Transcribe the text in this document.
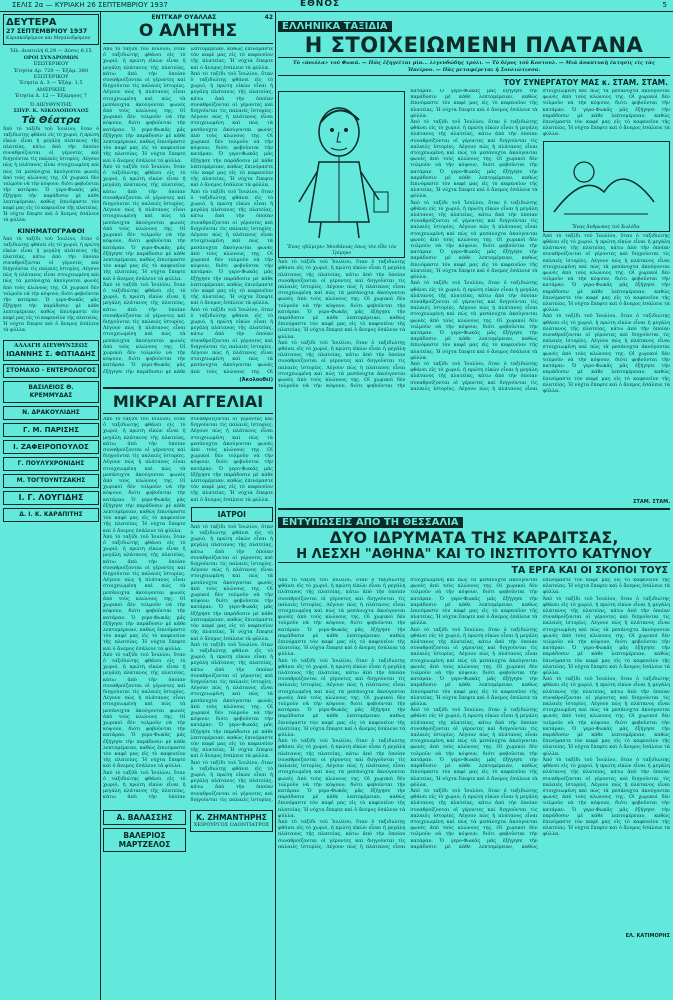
ΣΕΛΙΣ 2α — ΚΥΡΙΑΚΗ 26 ΣΕΠΤΕΜΒΡΙΟΥ 1937	ΕΘΝΟΣ	5
ΔΕΥΤΕΡΑ
27 ΣΕΠΤΕΜΒΡΙΟΥ 1937
Κυριακοδρόμιον και Μεγαλοδρόμιον
Ἡλ. ἀνατολή 6,29 — Δύσις 6,15
ΟΡΟΙ ΣΥΝΔΡΟΜΩΝ
ΕΣΩΤΕΡΙΚΟΥ
Ἐτησία Δρ. 720 — Ἑξάμ. 380
ΕΞΩΤΕΡΙΚΟΥ
Ἐτησία Δ. 3 — Ἑξάμ. 1,5
ΑΜΕΡΙΚΗΣ
Ἐτησία Δ. 12 — Ἑξάμηνος 7
Ὁ ΔΙΕΥΘΥΝΤΗΣ
ΣΠΥΡ. Κ. ΝΙΚΟΛΟΠΟΥΛΟΣ
Τὰ Θέατρα
Ἀπὸ τὸ ταξίδι τοῦ Ἰουλίου, ὅταν ὁ ταξιδιώτης φθάνει εἰς τὸ χωριό, ἡ πρώτη εἰκὼν εἶναι ἡ μεγάλη πλάτανος τῆς πλατείας, κάτω ἀπὸ τὴν ὁποίαν συναθροίζονται οἱ γέροντες καὶ διηγοῦνται τὶς παλαιὲς ἱστορίες. Λέγουν πὼς ἡ πλάτανος εἶναι στοιχειωμένη καὶ πὼς τὰ μεσάνυχτα ἀκούγονται φωνὲς ἀπὸ τοὺς κλώνους της. Οἱ χωρικοὶ δὲν τολμοῦν νὰ τὴν κόψουν, διότι φοβοῦνται τὴν κατάραν. Ὁ γερο‑Φωκᾶς μᾶς ἐξήγησε τὴν παράδοσιν μὲ κάθε λεπτομέρειαν, καθὼς ἐπινόμαστε τὸν καφέ μας εἰς τὸ καφενεῖον τῆς πλατείας. Ἡ νύχτα ἔπεφτε καὶ ὁ ἄνεμος ἐσάλευε τὰ φύλλα.
ΚΙΝΗΜΑΤΟΓΡΑΦΟΙ
Ἀπὸ τὸ ταξίδι τοῦ Ἰουλίου, ὅταν ὁ ταξιδιώτης φθάνει εἰς τὸ χωριό, ἡ πρώτη εἰκὼν εἶναι ἡ μεγάλη πλάτανος τῆς πλατείας, κάτω ἀπὸ τὴν ὁποίαν συναθροίζονται οἱ γέροντες καὶ διηγοῦνται τὶς παλαιὲς ἱστορίες. Λέγουν πὼς ἡ πλάτανος εἶναι στοιχειωμένη καὶ πὼς τὰ μεσάνυχτα ἀκούγονται φωνὲς ἀπὸ τοὺς κλώνους της. Οἱ χωρικοὶ δὲν τολμοῦν νὰ τὴν κόψουν, διότι φοβοῦνται τὴν κατάραν. Ὁ γερο‑Φωκᾶς μᾶς ἐξήγησε τὴν παράδοσιν μὲ κάθε λεπτομέρειαν, καθὼς ἐπινόμαστε τὸν καφέ μας εἰς τὸ καφενεῖον τῆς πλατείας. Ἡ νύχτα ἔπεφτε καὶ ὁ ἄνεμος ἐσάλευε τὰ φύλλα.
ΑΛΛΑΓΗ ΔΙΕΥΘΥΝΣΕΩΣ
ΙΩΑΝΝΗΣ Σ. ΦΩΤΙΑΔΗΣ
ΣΤΟΜΑΧΟ - ΕΝΤΕΡΟΛΟΓΟΣ
ΒΑΣΙΛΕΙΟΣ Θ. ΚΡΕΜΜΥΔΑΣ
Ν. ΔΡΑΚΟΥΛΙΔΗΣ
Γ. Μ. ΠΑΡΙΣΗΣ
Ι. ΖΑΦΕΙΡΟΠΟΥΛΟΣ
Γ. ΠΟΥΛΥΧΡΟΝΙΔΗΣ
Μ. ΤΟΓΤΟΥΝΤΖΑΚΗΣ
Ι. Γ. ΛΟΥΓΙΔΗΣ
Δ. Ι. Κ. ΚΑΡΑΠΙΤΗΣ
ΕΝΤΓΚΑΡ ΟΥΑΛΛΑΣ	42
Ο ΑΛΗΤΗΣ

Ἀπὸ τὸ ταξίδι τοῦ Ἰουλίου, ὅταν ὁ ταξιδιώτης φθάνει εἰς τὸ χωριό, ἡ πρώτη εἰκὼν εἶναι ἡ μεγάλη πλάτανος τῆς πλατείας, κάτω ἀπὸ τὴν ὁποίαν συναθροίζονται οἱ γέροντες καὶ διηγοῦνται τὶς παλαιὲς ἱστορίες. Λέγουν πὼς ἡ πλάτανος εἶναι στοιχειωμένη καὶ πὼς τὰ μεσάνυχτα ἀκούγονται φωνὲς ἀπὸ τοὺς κλώνους της. Οἱ χωρικοὶ δὲν τολμοῦν νὰ τὴν κόψουν, διότι φοβοῦνται τὴν κατάραν. Ὁ γερο‑Φωκᾶς μᾶς ἐξήγησε τὴν παράδοσιν μὲ κάθε λεπτομέρειαν, καθὼς ἐπινόμαστε τὸν καφέ μας εἰς τὸ καφενεῖον τῆς πλατείας. Ἡ νύχτα ἔπεφτε καὶ ὁ ἄνεμος ἐσάλευε τὰ φύλλα.

Ἀπὸ τὸ ταξίδι τοῦ Ἰουλίου, ὅταν ὁ ταξιδιώτης φθάνει εἰς τὸ χωριό, ἡ πρώτη εἰκὼν εἶναι ἡ μεγάλη πλάτανος τῆς πλατείας, κάτω ἀπὸ τὴν ὁποίαν συναθροίζονται οἱ γέροντες καὶ διηγοῦνται τὶς παλαιὲς ἱστορίες. Λέγουν πὼς ἡ πλάτανος εἶναι στοιχειωμένη καὶ πὼς τὰ μεσάνυχτα ἀκούγονται φωνὲς ἀπὸ τοὺς κλώνους της. Οἱ χωρικοὶ δὲν τολμοῦν νὰ τὴν κόψουν, διότι φοβοῦνται τὴν κατάραν. Ὁ γερο‑Φωκᾶς μᾶς ἐξήγησε τὴν παράδοσιν μὲ κάθε λεπτομέρειαν, καθὼς ἐπινόμαστε τὸν καφέ μας εἰς τὸ καφενεῖον τῆς πλατείας. Ἡ νύχτα ἔπεφτε καὶ ὁ ἄνεμος ἐσάλευε τὰ φύλλα.

Ἀπὸ τὸ ταξίδι τοῦ Ἰουλίου, ὅταν ὁ ταξιδιώτης φθάνει εἰς τὸ χωριό, ἡ πρώτη εἰκὼν εἶναι ἡ μεγάλη πλάτανος τῆς πλατείας, κάτω ἀπὸ τὴν ὁποίαν συναθροίζονται οἱ γέροντες καὶ διηγοῦνται τὶς παλαιὲς ἱστορίες. Λέγουν πὼς ἡ πλάτανος εἶναι στοιχειωμένη καὶ πὼς τὰ μεσάνυχτα ἀκούγονται φωνὲς ἀπὸ τοὺς κλώνους της. Οἱ χωρικοὶ δὲν τολμοῦν νὰ τὴν κόψουν, διότι φοβοῦνται τὴν κατάραν. Ὁ γερο‑Φωκᾶς μᾶς ἐξήγησε τὴν παράδοσιν μὲ κάθε λεπτομέρειαν, καθὼς ἐπινόμαστε τὸν καφέ μας εἰς τὸ καφενεῖον τῆς πλατείας. Ἡ νύχτα ἔπεφτε καὶ ὁ ἄνεμος ἐσάλευε τὰ φύλλα.

Ἀπὸ τὸ ταξίδι τοῦ Ἰουλίου, ὅταν ὁ ταξιδιώτης φθάνει εἰς τὸ χωριό, ἡ πρώτη εἰκὼν εἶναι ἡ μεγάλη πλάτανος τῆς πλατείας, κάτω ἀπὸ τὴν ὁποίαν συναθροίζονται οἱ γέροντες καὶ διηγοῦνται τὶς παλαιὲς ἱστορίες. Λέγουν πὼς ἡ πλάτανος εἶναι στοιχειωμένη καὶ πὼς τὰ μεσάνυχτα ἀκούγονται φωνὲς ἀπὸ τοὺς κλώνους της. Οἱ χωρικοὶ δὲν τολμοῦν νὰ τὴν κόψουν, διότι φοβοῦνται τὴν κατάραν. Ὁ γερο‑Φωκᾶς μᾶς ἐξήγησε τὴν παράδοσιν μὲ κάθε λεπτομέρειαν, καθὼς ἐπινόμαστε τὸν καφέ μας εἰς τὸ καφενεῖον τῆς πλατείας. Ἡ νύχτα ἔπεφτε καὶ ὁ ἄνεμος ἐσάλευε τὰ φύλλα.

Ἀπὸ τὸ ταξίδι τοῦ Ἰουλίου, ὅταν ὁ ταξιδιώτης φθάνει εἰς τὸ χωριό, ἡ πρώτη εἰκὼν εἶναι ἡ μεγάλη πλάτανος τῆς πλατείας, κάτω ἀπὸ τὴν ὁποίαν συναθροίζονται οἱ γέροντες καὶ διηγοῦνται τὶς παλαιὲς ἱστορίες. Λέγουν πὼς ἡ πλάτανος εἶναι στοιχειωμένη καὶ πὼς τὰ μεσάνυχτα ἀκούγονται φωνὲς ἀπὸ τοὺς κλώνους της. Οἱ χωρικοὶ δὲν τολμοῦν νὰ τὴν κόψουν, διότι φοβοῦνται τὴν κατάραν. Ὁ γερο‑Φωκᾶς μᾶς ἐξήγησε τὴν παράδοσιν μὲ κάθε λεπτομέρειαν, καθὼς ἐπινόμαστε τὸν καφέ μας εἰς τὸ καφενεῖον τῆς πλατείας. Ἡ νύχτα ἔπεφτε καὶ ὁ ἄνεμος ἐσάλευε τὰ φύλλα.

Ἀπὸ τὸ ταξίδι τοῦ Ἰουλίου, ὅταν ὁ ταξιδιώτης φθάνει εἰς τὸ χωριό, ἡ πρώτη εἰκὼν εἶναι ἡ μεγάλη πλάτανος τῆς πλατείας, κάτω ἀπὸ τὴν ὁποίαν συναθροίζονται οἱ γέροντες καὶ διηγοῦνται τὶς παλαιὲς ἱστορίες. Λέγουν πὼς ἡ πλάτανος εἶναι στοιχειωμένη καὶ πὼς τὰ μεσάνυχτα ἀκούγονται φωνὲς ἀπὸ τοὺς κλώνους της. Οἱ

(Ἀκολουθεῖ)
ΜΙΚΡΑΙ ΑΓΓΕΛΙΑΙ

Ἀπὸ τὸ ταξίδι τοῦ Ἰουλίου, ὅταν ὁ ταξιδιώτης φθάνει εἰς τὸ χωριό, ἡ πρώτη εἰκὼν εἶναι ἡ μεγάλη πλάτανος τῆς πλατείας, κάτω ἀπὸ τὴν ὁποίαν συναθροίζονται οἱ γέροντες καὶ διηγοῦνται τὶς παλαιὲς ἱστορίες. Λέγουν πὼς ἡ πλάτανος εἶναι στοιχειωμένη καὶ πὼς τὰ μεσάνυχτα ἀκούγονται φωνὲς ἀπὸ τοὺς κλώνους της. Οἱ χωρικοὶ δὲν τολμοῦν νὰ τὴν κόψουν, διότι φοβοῦνται τὴν κατάραν. Ὁ γερο‑Φωκᾶς μᾶς ἐξήγησε τὴν παράδοσιν μὲ κάθε λεπτομέρειαν, καθὼς ἐπινόμαστε τὸν καφέ μας εἰς τὸ καφενεῖον τῆς πλατείας. Ἡ νύχτα ἔπεφτε καὶ ὁ ἄνεμος ἐσάλευε τὰ φύλλα.

Ἀπὸ τὸ ταξίδι τοῦ Ἰουλίου, ὅταν ὁ ταξιδιώτης φθάνει εἰς τὸ χωριό, ἡ πρώτη εἰκὼν εἶναι ἡ μεγάλη πλάτανος τῆς πλατείας, κάτω ἀπὸ τὴν ὁποίαν συναθροίζονται οἱ γέροντες καὶ διηγοῦνται τὶς παλαιὲς ἱστορίες. Λέγουν πὼς ἡ πλάτανος εἶναι στοιχειωμένη καὶ πὼς τὰ μεσάνυχτα ἀκούγονται φωνὲς ἀπὸ τοὺς κλώνους της. Οἱ χωρικοὶ δὲν τολμοῦν νὰ τὴν κόψουν, διότι φοβοῦνται τὴν κατάραν. Ὁ γερο‑Φωκᾶς μᾶς ἐξήγησε τὴν παράδοσιν μὲ κάθε λεπτομέρειαν, καθὼς ἐπινόμαστε τὸν καφέ μας εἰς τὸ καφενεῖον τῆς πλατείας. Ἡ νύχτα ἔπεφτε καὶ ὁ ἄνεμος ἐσάλευε τὰ φύλλα.

Ἀπὸ τὸ ταξίδι τοῦ Ἰουλίου, ὅταν ὁ ταξιδιώτης φθάνει εἰς τὸ χωριό, ἡ πρώτη εἰκὼν εἶναι ἡ μεγάλη πλάτανος τῆς πλατείας, κάτω ἀπὸ τὴν ὁποίαν συναθροίζονται οἱ γέροντες καὶ διηγοῦνται τὶς παλαιὲς ἱστορίες. Λέγουν πὼς ἡ πλάτανος εἶναι στοιχειωμένη καὶ πὼς τὰ μεσάνυχτα ἀκούγονται φωνὲς ἀπὸ τοὺς κλώνους της. Οἱ χωρικοὶ δὲν τολμοῦν νὰ τὴν κόψουν, διότι φοβοῦνται τὴν κατάραν. Ὁ γερο‑Φωκᾶς μᾶς ἐξήγησε τὴν παράδοσιν μὲ κάθε λεπτομέρειαν, καθὼς ἐπινόμαστε τὸν καφέ μας εἰς τὸ καφενεῖον τῆς πλατείας. Ἡ νύχτα ἔπεφτε καὶ ὁ ἄνεμος ἐσάλευε τὰ φύλλα.

Ἀπὸ τὸ ταξίδι τοῦ Ἰουλίου, ὅταν ὁ ταξιδιώτης φθάνει εἰς τὸ χωριό, ἡ πρώτη εἰκὼν εἶναι ἡ μεγάλη πλάτανος τῆς πλατείας, κάτω ἀπὸ τὴν ὁποίαν συναθροίζονται οἱ γέροντες καὶ διηγοῦνται τὶς παλαιὲς ἱστορίες. Λέγουν πὼς ἡ πλάτανος εἶναι στοιχειωμένη καὶ πὼς τὰ μεσάνυχτα ἀκούγονται φωνὲς ἀπὸ τοὺς κλώνους της. Οἱ χωρικοὶ δὲν τολμοῦν νὰ τὴν κόψουν, διότι φοβοῦνται τὴν κατάραν. Ὁ γερο‑Φωκᾶς μᾶς ἐξήγησε τὴν παράδοσιν μὲ κάθε λεπτομέρειαν, καθὼς ἐπινόμαστε τὸν καφέ μας εἰς τὸ καφενεῖον τῆς πλατείας. Ἡ νύχτα ἔπεφτε καὶ ὁ ἄνεμος ἐσάλευε τὰ φύλλα.

ΙΑΤΡΟΙ

Ἀπὸ τὸ ταξίδι τοῦ Ἰουλίου, ὅταν ὁ ταξιδιώτης φθάνει εἰς τὸ χωριό, ἡ πρώτη εἰκὼν εἶναι ἡ μεγάλη πλάτανος τῆς πλατείας, κάτω ἀπὸ τὴν ὁποίαν συναθροίζονται οἱ γέροντες καὶ διηγοῦνται τὶς παλαιὲς ἱστορίες. Λέγουν πὼς ἡ πλάτανος εἶναι στοιχειωμένη καὶ πὼς τὰ μεσάνυχτα ἀκούγονται φωνὲς ἀπὸ τοὺς κλώνους της. Οἱ χωρικοὶ δὲν τολμοῦν νὰ τὴν κόψουν, διότι φοβοῦνται τὴν κατάραν. Ὁ γερο‑Φωκᾶς μᾶς ἐξήγησε τὴν παράδοσιν μὲ κάθε λεπτομέρειαν, καθὼς ἐπινόμαστε τὸν καφέ μας εἰς τὸ καφενεῖον τῆς πλατείας. Ἡ νύχτα ἔπεφτε καὶ ὁ ἄνεμος ἐσάλευε τὰ φύλλα.

Ἀπὸ τὸ ταξίδι τοῦ Ἰουλίου, ὅταν ὁ ταξιδιώτης φθάνει εἰς τὸ χωριό, ἡ πρώτη εἰκὼν εἶναι ἡ μεγάλη πλάτανος τῆς πλατείας, κάτω ἀπὸ τὴν ὁποίαν συναθροίζονται οἱ γέροντες καὶ διηγοῦνται τὶς παλαιὲς ἱστορίες. Λέγουν πὼς ἡ πλάτανος εἶναι στοιχειωμένη καὶ πὼς τὰ μεσάνυχτα ἀκούγονται φωνὲς ἀπὸ τοὺς κλώνους της. Οἱ χωρικοὶ δὲν τολμοῦν νὰ τὴν κόψουν, διότι φοβοῦνται τὴν κατάραν. Ὁ γερο‑Φωκᾶς μᾶς ἐξήγησε τὴν παράδοσιν μὲ κάθε λεπτομέρειαν, καθὼς ἐπινόμαστε τὸν καφέ μας εἰς τὸ καφενεῖον τῆς πλατείας. Ἡ νύχτα ἔπεφτε καὶ ὁ ἄνεμος ἐσάλευε τὰ φύλλα.

Ἀπὸ τὸ ταξίδι τοῦ Ἰουλίου, ὅταν ὁ ταξιδιώτης φθάνει εἰς τὸ χωριό, ἡ πρώτη εἰκὼν εἶναι ἡ μεγάλη πλάτανος τῆς πλατείας, κάτω ἀπὸ τὴν ὁποίαν συναθροίζονται οἱ γέροντες καὶ διηγοῦνται τὶς παλαιὲς ἱστορίες.

Α. ΒΑΛΑΣΣΗΣ
ΒΑΛΕΡΙΟΣ
ΜΑΡΤΖΕΛΟΣ
Κ. ΖΗΜΑΝΤΗΡΗΣ
ΧΕΙΡΟΥΡΓΟΣ ΟΔΟΝΤΙΑΤΡΟΣ
ΕΛΛΗΝΙΚΑ ΤΑΞΙΔΙΑ
Η ΣΤΟΙΧΕΙΩΜΕΝΗ ΠΛΑΤΑΝΑ
Τὸ «ποιόλα» τοῦ Φωκά. — Πῶς ἐξηγεῖται μία... λεγενδώδης τρόλι. — Τὸ δέρος τοῦ Κοντουλ. — Μιὰ ἀναπτυκὴ ἐκτησίς εἰς τὰς Ἠπείρου. — Πᾶς μεταφέρεται ἡ Σουλιώτισσα.
ΤΟΥ ΣΥΝΕΡΓΑΤΟΥ ΜΑΣ κ. ΣΤΑΜ. ΣΤΑΜ.
Ἕνας «βίλμιγκ» Μουδάνιας ὁπως τὸν εἶδε τὸν Τρίμηνο

Ἀπὸ τὸ ταξίδι τοῦ Ἰουλίου, ὅταν ὁ ταξιδιώτης φθάνει εἰς τὸ χωριό, ἡ πρώτη εἰκὼν εἶναι ἡ μεγάλη πλάτανος τῆς πλατείας, κάτω ἀπὸ τὴν ὁποίαν συναθροίζονται οἱ γέροντες καὶ διηγοῦνται τὶς παλαιὲς ἱστορίες. Λέγουν πὼς ἡ πλάτανος εἶναι στοιχειωμένη καὶ πὼς τὰ μεσάνυχτα ἀκούγονται φωνὲς ἀπὸ τοὺς κλώνους της. Οἱ χωρικοὶ δὲν τολμοῦν νὰ τὴν κόψουν, διότι φοβοῦνται τὴν κατάραν. Ὁ γερο‑Φωκᾶς μᾶς ἐξήγησε τὴν παράδοσιν μὲ κάθε λεπτομέρειαν, καθὼς ἐπινόμαστε τὸν καφέ μας εἰς τὸ καφενεῖον τῆς πλατείας. Ἡ νύχτα ἔπεφτε καὶ ὁ ἄνεμος ἐσάλευε τὰ φύλλα.

Ἀπὸ τὸ ταξίδι τοῦ Ἰουλίου, ὅταν ὁ ταξιδιώτης φθάνει εἰς τὸ χωριό, ἡ πρώτη εἰκὼν εἶναι ἡ μεγάλη πλάτανος τῆς πλατείας, κάτω ἀπὸ τὴν ὁποίαν συναθροίζονται οἱ γέροντες καὶ διηγοῦνται τὶς παλαιὲς ἱστορίες. Λέγουν πὼς ἡ πλάτανος εἶναι στοιχειωμένη καὶ πὼς τὰ μεσάνυχτα ἀκούγονται φωνὲς ἀπὸ τοὺς κλώνους της. Οἱ χωρικοὶ δὲν τολμοῦν νὰ τὴν κόψουν, διότι φοβοῦνται τὴν κατάραν. Ὁ γερο‑Φωκᾶς μᾶς ἐξήγησε τὴν παράδοσιν μὲ κάθε λεπτομέρειαν, καθὼς ἐπινόμαστε τὸν καφέ μας εἰς τὸ καφενεῖον τῆς πλατείας. Ἡ νύχτα ἔπεφτε καὶ ὁ ἄνεμος ἐσάλευε τὰ φύλλα.

Ἀπὸ τὸ ταξίδι τοῦ Ἰουλίου, ὅταν ὁ ταξιδιώτης φθάνει εἰς τὸ χωριό, ἡ πρώτη εἰκὼν εἶναι ἡ μεγάλη πλάτανος τῆς πλατείας, κάτω ἀπὸ τὴν ὁποίαν συναθροίζονται οἱ γέροντες καὶ διηγοῦνται τὶς παλαιὲς ἱστορίες. Λέγουν πὼς ἡ πλάτανος εἶναι στοιχειωμένη καὶ πὼς τὰ μεσάνυχτα ἀκούγονται φωνὲς ἀπὸ τοὺς κλώνους της. Οἱ χωρικοὶ δὲν τολμοῦν νὰ τὴν κόψουν, διότι φοβοῦνται τὴν κατάραν. Ὁ γερο‑Φωκᾶς μᾶς ἐξήγησε τὴν παράδοσιν μὲ κάθε λεπτομέρειαν, καθὼς ἐπινόμαστε τὸν καφέ μας εἰς τὸ καφενεῖον τῆς πλατείας. Ἡ νύχτα ἔπεφτε καὶ ὁ ἄνεμος ἐσάλευε τὰ φύλλα.

Ἀπὸ τὸ ταξίδι τοῦ Ἰουλίου, ὅταν ὁ ταξιδιώτης φθάνει εἰς τὸ χωριό, ἡ πρώτη εἰκὼν εἶναι ἡ μεγάλη πλάτανος τῆς πλατείας, κάτω ἀπὸ τὴν ὁποίαν συναθροίζονται οἱ γέροντες καὶ διηγοῦνται τὶς παλαιὲς ἱστορίες. Λέγουν πὼς ἡ πλάτανος εἶναι στοιχειωμένη καὶ πὼς τὰ μεσάνυχτα ἀκούγονται φωνὲς ἀπὸ τοὺς κλώνους της. Οἱ χωρικοὶ δὲν τολμοῦν νὰ τὴν κόψουν, διότι φοβοῦνται τὴν κατάραν. Ὁ γερο‑Φωκᾶς μᾶς ἐξήγησε τὴν παράδοσιν μὲ κάθε λεπτομέρειαν, καθὼς ἐπινόμαστε τὸν καφέ μας εἰς τὸ καφενεῖον τῆς πλατείας. Ἡ νύχτα ἔπεφτε καὶ ὁ ἄνεμος ἐσάλευε τὰ φύλλα.

Ἀπὸ τὸ ταξίδι τοῦ Ἰουλίου, ὅταν ὁ ταξιδιώτης φθάνει εἰς τὸ χωριό, ἡ πρώτη εἰκὼν εἶναι ἡ μεγάλη πλάτανος τῆς πλατείας, κάτω ἀπὸ τὴν ὁποίαν συναθροίζονται οἱ γέροντες καὶ διηγοῦνται τὶς παλαιὲς ἱστορίες. Λέγουν πὼς ἡ πλάτανος εἶναι στοιχειωμένη καὶ πὼς τὰ μεσάνυχτα ἀκούγονται φωνὲς ἀπὸ τοὺς κλώνους της. Οἱ χωρικοὶ δὲν τολμοῦν νὰ τὴν κόψουν, διότι φοβοῦνται τὴν κατάραν. Ὁ γερο‑Φωκᾶς μᾶς ἐξήγησε τὴν παράδοσιν μὲ κάθε λεπτομέρειαν, καθὼς ἐπινόμαστε τὸν καφέ μας εἰς τὸ καφενεῖον τῆς πλατείας. Ἡ νύχτα ἔπεφτε καὶ ὁ ἄνεμος ἐσάλευε τὰ φύλλα.

Ἀπὸ τὸ ταξίδι τοῦ Ἰουλίου, ὅταν ὁ ταξιδιώτης φθάνει εἰς τὸ χωριό, ἡ πρώτη εἰκὼν εἶναι ἡ μεγάλη πλάτανος τῆς πλατείας, κάτω ἀπὸ τὴν ὁποίαν συναθροίζονται οἱ γέροντες καὶ διηγοῦνται τὶς παλαιὲς ἱστορίες. Λέγουν πὼς ἡ πλάτανος εἶναι στοιχειωμένη καὶ πὼς τὰ μεσάνυχτα ἀκούγονται φωνὲς ἀπὸ τοὺς κλώνους της. Οἱ χωρικοὶ δὲν τολμοῦν νὰ τὴν κόψουν, διότι φοβοῦνται τὴν κατάραν. Ὁ γερο‑Φωκᾶς μᾶς ἐξήγησε τὴν παράδοσιν μὲ κάθε λεπτομέρειαν, καθὼς ἐπινόμαστε τὸν καφέ μας εἰς τὸ καφενεῖον τῆς πλατείας. Ἡ νύχτα ἔπεφτε καὶ ὁ ἄνεμος ἐσάλευε τὰ φύλλα.

Ἕνας ἄνθρωπος τοῦ Χωλέδα.

Ἀπὸ τὸ ταξίδι τοῦ Ἰουλίου, ὅταν ὁ ταξιδιώτης φθάνει εἰς τὸ χωριό, ἡ πρώτη εἰκὼν εἶναι ἡ μεγάλη πλάτανος τῆς πλατείας, κάτω ἀπὸ τὴν ὁποίαν συναθροίζονται οἱ γέροντες καὶ διηγοῦνται τὶς παλαιὲς ἱστορίες. Λέγουν πὼς ἡ πλάτανος εἶναι στοιχειωμένη καὶ πὼς τὰ μεσάνυχτα ἀκούγονται φωνὲς ἀπὸ τοὺς κλώνους της. Οἱ χωρικοὶ δὲν τολμοῦν νὰ τὴν κόψουν, διότι φοβοῦνται τὴν κατάραν. Ὁ γερο‑Φωκᾶς μᾶς ἐξήγησε τὴν παράδοσιν μὲ κάθε λεπτομέρειαν, καθὼς ἐπινόμαστε τὸν καφέ μας εἰς τὸ καφενεῖον τῆς πλατείας. Ἡ νύχτα ἔπεφτε καὶ ὁ ἄνεμος ἐσάλευε τὰ φύλλα.

Ἀπὸ τὸ ταξίδι τοῦ Ἰουλίου, ὅταν ὁ ταξιδιώτης φθάνει εἰς τὸ χωριό, ἡ πρώτη εἰκὼν εἶναι ἡ μεγάλη πλάτανος τῆς πλατείας, κάτω ἀπὸ τὴν ὁποίαν συναθροίζονται οἱ γέροντες καὶ διηγοῦνται τὶς παλαιὲς ἱστορίες. Λέγουν πὼς ἡ πλάτανος εἶναι στοιχειωμένη καὶ πὼς τὰ μεσάνυχτα ἀκούγονται φωνὲς ἀπὸ τοὺς κλώνους της. Οἱ χωρικοὶ δὲν τολμοῦν νὰ τὴν κόψουν, διότι φοβοῦνται τὴν κατάραν. Ὁ γερο‑Φωκᾶς μᾶς ἐξήγησε τὴν παράδοσιν μὲ κάθε λεπτομέρειαν, καθὼς ἐπινόμαστε τὸν καφέ μας εἰς τὸ καφενεῖον τῆς πλατείας. Ἡ νύχτα ἔπεφτε καὶ ὁ ἄνεμος ἐσάλευε τὰ φύλλα.

ΣΤΑΜ. ΣΤΑΜ.
ΕΝΤΥΠΩΣΕΙΣ ΑΠΟ ΤΗ ΘΕΣΣΑΛΙΑ
ΔΥΟ ΙΔΡΥΜΑΤΑ ΤΗΣ ΚΑΡΔΙΤΣΑΣ,
Η ΛΕΣΧΗ "ΑΘΗΝΑ" ΚΑΙ ΤΟ ΙΝΣΤΙΤΟΥΤΟ ΚΑΤΥΝΟΥ
ΤΑ ΕΡΓΑ ΚΑΙ ΟΙ ΣΚΟΠΟΙ ΤΟΥΣ

Ἀπὸ τὸ ταξίδι τοῦ Ἰουλίου, ὅταν ὁ ταξιδιώτης φθάνει εἰς τὸ χωριό, ἡ πρώτη εἰκὼν εἶναι ἡ μεγάλη πλάτανος τῆς πλατείας, κάτω ἀπὸ τὴν ὁποίαν συναθροίζονται οἱ γέροντες καὶ διηγοῦνται τὶς παλαιὲς ἱστορίες. Λέγουν πὼς ἡ πλάτανος εἶναι στοιχειωμένη καὶ πὼς τὰ μεσάνυχτα ἀκούγονται φωνὲς ἀπὸ τοὺς κλώνους της. Οἱ χωρικοὶ δὲν τολμοῦν νὰ τὴν κόψουν, διότι φοβοῦνται τὴν κατάραν. Ὁ γερο‑Φωκᾶς μᾶς ἐξήγησε τὴν παράδοσιν μὲ κάθε λεπτομέρειαν, καθὼς ἐπινόμαστε τὸν καφέ μας εἰς τὸ καφενεῖον τῆς πλατείας. Ἡ νύχτα ἔπεφτε καὶ ὁ ἄνεμος ἐσάλευε τὰ φύλλα.

Ἀπὸ τὸ ταξίδι τοῦ Ἰουλίου, ὅταν ὁ ταξιδιώτης φθάνει εἰς τὸ χωριό, ἡ πρώτη εἰκὼν εἶναι ἡ μεγάλη πλάτανος τῆς πλατείας, κάτω ἀπὸ τὴν ὁποίαν συναθροίζονται οἱ γέροντες καὶ διηγοῦνται τὶς παλαιὲς ἱστορίες. Λέγουν πὼς ἡ πλάτανος εἶναι στοιχειωμένη καὶ πὼς τὰ μεσάνυχτα ἀκούγονται φωνὲς ἀπὸ τοὺς κλώνους της. Οἱ χωρικοὶ δὲν τολμοῦν νὰ τὴν κόψουν, διότι φοβοῦνται τὴν κατάραν. Ὁ γερο‑Φωκᾶς μᾶς ἐξήγησε τὴν παράδοσιν μὲ κάθε λεπτομέρειαν, καθὼς ἐπινόμαστε τὸν καφέ μας εἰς τὸ καφενεῖον τῆς πλατείας. Ἡ νύχτα ἔπεφτε καὶ ὁ ἄνεμος ἐσάλευε τὰ φύλλα.

Ἀπὸ τὸ ταξίδι τοῦ Ἰουλίου, ὅταν ὁ ταξιδιώτης φθάνει εἰς τὸ χωριό, ἡ πρώτη εἰκὼν εἶναι ἡ μεγάλη πλάτανος τῆς πλατείας, κάτω ἀπὸ τὴν ὁποίαν συναθροίζονται οἱ γέροντες καὶ διηγοῦνται τὶς παλαιὲς ἱστορίες. Λέγουν πὼς ἡ πλάτανος εἶναι στοιχειωμένη καὶ πὼς τὰ μεσάνυχτα ἀκούγονται φωνὲς ἀπὸ τοὺς κλώνους της. Οἱ χωρικοὶ δὲν τολμοῦν νὰ τὴν κόψουν, διότι φοβοῦνται τὴν κατάραν. Ὁ γερο‑Φωκᾶς μᾶς ἐξήγησε τὴν παράδοσιν μὲ κάθε λεπτομέρειαν, καθὼς ἐπινόμαστε τὸν καφέ μας εἰς τὸ καφενεῖον τῆς πλατείας. Ἡ νύχτα ἔπεφτε καὶ ὁ ἄνεμος ἐσάλευε τὰ φύλλα.

Ἀπὸ τὸ ταξίδι τοῦ Ἰουλίου, ὅταν ὁ ταξιδιώτης φθάνει εἰς τὸ χωριό, ἡ πρώτη εἰκὼν εἶναι ἡ μεγάλη πλάτανος τῆς πλατείας, κάτω ἀπὸ τὴν ὁποίαν συναθροίζονται οἱ γέροντες καὶ διηγοῦνται τὶς παλαιὲς ἱστορίες. Λέγουν πὼς ἡ πλάτανος εἶναι στοιχειωμένη καὶ πὼς τὰ μεσάνυχτα ἀκούγονται φωνὲς ἀπὸ τοὺς κλώνους της. Οἱ χωρικοὶ δὲν τολμοῦν νὰ τὴν κόψουν, διότι φοβοῦνται τὴν κατάραν. Ὁ γερο‑Φωκᾶς μᾶς ἐξήγησε τὴν παράδοσιν μὲ κάθε λεπτομέρειαν, καθὼς ἐπινόμαστε τὸν καφέ μας εἰς τὸ καφενεῖον τῆς πλατείας. Ἡ νύχτα ἔπεφτε καὶ ὁ ἄνεμος ἐσάλευε τὰ φύλλα.

Ἀπὸ τὸ ταξίδι τοῦ Ἰουλίου, ὅταν ὁ ταξιδιώτης φθάνει εἰς τὸ χωριό, ἡ πρώτη εἰκὼν εἶναι ἡ μεγάλη πλάτανος τῆς πλατείας, κάτω ἀπὸ τὴν ὁποίαν συναθροίζονται οἱ γέροντες καὶ διηγοῦνται τὶς παλαιὲς ἱστορίες. Λέγουν πὼς ἡ πλάτανος εἶναι στοιχειωμένη καὶ πὼς τὰ μεσάνυχτα ἀκούγονται φωνὲς ἀπὸ τοὺς κλώνους της. Οἱ χωρικοὶ δὲν τολμοῦν νὰ τὴν κόψουν, διότι φοβοῦνται τὴν κατάραν. Ὁ γερο‑Φωκᾶς μᾶς ἐξήγησε τὴν παράδοσιν μὲ κάθε λεπτομέρειαν, καθὼς ἐπινόμαστε τὸν καφέ μας εἰς τὸ καφενεῖον τῆς πλατείας. Ἡ νύχτα ἔπεφτε καὶ ὁ ἄνεμος ἐσάλευε τὰ φύλλα.

Ἀπὸ τὸ ταξίδι τοῦ Ἰουλίου, ὅταν ὁ ταξιδιώτης φθάνει εἰς τὸ χωριό, ἡ πρώτη εἰκὼν εἶναι ἡ μεγάλη πλάτανος τῆς πλατείας, κάτω ἀπὸ τὴν ὁποίαν συναθροίζονται οἱ γέροντες καὶ διηγοῦνται τὶς παλαιὲς ἱστορίες. Λέγουν πὼς ἡ πλάτανος εἶναι στοιχειωμένη καὶ πὼς τὰ μεσάνυχτα ἀκούγονται φωνὲς ἀπὸ τοὺς κλώνους της. Οἱ χωρικοὶ δὲν τολμοῦν νὰ τὴν κόψουν, διότι φοβοῦνται τὴν κατάραν. Ὁ γερο‑Φωκᾶς μᾶς ἐξήγησε τὴν παράδοσιν μὲ κάθε λεπτομέρειαν, καθὼς ἐπινόμαστε τὸν καφέ μας εἰς τὸ καφενεῖον τῆς πλατείας. Ἡ νύχτα ἔπεφτε καὶ ὁ ἄνεμος ἐσάλευε τὰ φύλλα.

Ἀπὸ τὸ ταξίδι τοῦ Ἰουλίου, ὅταν ὁ ταξιδιώτης φθάνει εἰς τὸ χωριό, ἡ πρώτη εἰκὼν εἶναι ἡ μεγάλη πλάτανος τῆς πλατείας, κάτω ἀπὸ τὴν ὁποίαν συναθροίζονται οἱ γέροντες καὶ διηγοῦνται τὶς παλαιὲς ἱστορίες. Λέγουν πὼς ἡ πλάτανος εἶναι στοιχειωμένη καὶ πὼς τὰ μεσάνυχτα ἀκούγονται φωνὲς ἀπὸ τοὺς κλώνους της. Οἱ χωρικοὶ δὲν τολμοῦν νὰ τὴν κόψουν, διότι φοβοῦνται τὴν κατάραν. Ὁ γερο‑Φωκᾶς μᾶς ἐξήγησε τὴν παράδοσιν μὲ κάθε λεπτομέρειαν, καθὼς ἐπινόμαστε τὸν καφέ μας εἰς τὸ καφενεῖον τῆς πλατείας. Ἡ νύχτα ἔπεφτε καὶ ὁ ἄνεμος ἐσάλευε τὰ φύλλα.

Ἀπὸ τὸ ταξίδι τοῦ Ἰουλίου, ὅταν ὁ ταξιδιώτης φθάνει εἰς τὸ χωριό, ἡ πρώτη εἰκὼν εἶναι ἡ μεγάλη πλάτανος τῆς πλατείας, κάτω ἀπὸ τὴν ὁποίαν συναθροίζονται οἱ γέροντες καὶ διηγοῦνται τὶς παλαιὲς ἱστορίες. Λέγουν πὼς ἡ πλάτανος εἶναι στοιχειωμένη καὶ πὼς τὰ μεσάνυχτα ἀκούγονται φωνὲς ἀπὸ τοὺς κλώνους της. Οἱ χωρικοὶ δὲν τολμοῦν νὰ τὴν κόψουν, διότι φοβοῦνται τὴν κατάραν. Ὁ γερο‑Φωκᾶς μᾶς ἐξήγησε τὴν παράδοσιν μὲ κάθε λεπτομέρειαν, καθὼς ἐπινόμαστε τὸν καφέ μας εἰς τὸ καφενεῖον τῆς πλατείας. Ἡ νύχτα ἔπεφτε καὶ ὁ ἄνεμος ἐσάλευε τὰ φύλλα.

Ἀπὸ τὸ ταξίδι τοῦ Ἰουλίου, ὅταν ὁ ταξιδιώτης φθάνει εἰς τὸ χωριό, ἡ πρώτη εἰκὼν εἶναι ἡ μεγάλη πλάτανος τῆς πλατείας, κάτω ἀπὸ τὴν ὁποίαν συναθροίζονται οἱ γέροντες καὶ διηγοῦνται τὶς παλαιὲς ἱστορίες. Λέγουν πὼς ἡ πλάτανος εἶναι στοιχειωμένη καὶ πὼς τὰ μεσάνυχτα ἀκούγονται φωνὲς ἀπὸ τοὺς κλώνους της. Οἱ χωρικοὶ δὲν τολμοῦν νὰ τὴν κόψουν, διότι φοβοῦνται τὴν κατάραν. Ὁ γερο‑Φωκᾶς μᾶς ἐξήγησε τὴν παράδοσιν μὲ κάθε λεπτομέρειαν, καθὼς ἐπινόμαστε τὸν καφέ μας εἰς τὸ καφενεῖον τῆς πλατείας. Ἡ νύχτα ἔπεφτε καὶ ὁ ἄνεμος ἐσάλευε τὰ φύλλα.

Ἀπὸ τὸ ταξίδι τοῦ Ἰουλίου, ὅταν ὁ ταξιδιώτης φθάνει εἰς τὸ χωριό, ἡ πρώτη εἰκὼν εἶναι ἡ μεγάλη πλάτανος τῆς πλατείας, κάτω ἀπὸ τὴν ὁποίαν συναθροίζονται οἱ γέροντες καὶ διηγοῦνται τὶς παλαιὲς ἱστορίες. Λέγουν πὼς ἡ πλάτανος εἶναι στοιχειωμένη καὶ πὼς τὰ μεσάνυχτα ἀκούγονται φωνὲς ἀπὸ τοὺς κλώνους της. Οἱ χωρικοὶ δὲν τολμοῦν νὰ τὴν κόψουν, διότι φοβοῦνται τὴν κατάραν. Ὁ γερο‑Φωκᾶς μᾶς ἐξήγησε τὴν παράδοσιν μὲ κάθε λεπτομέρειαν, καθὼς ἐπινόμαστε τὸν καφέ μας εἰς τὸ καφενεῖον τῆς πλατείας. Ἡ νύχτα ἔπεφτε καὶ ὁ ἄνεμος ἐσάλευε τὰ φύλλα.

ΕΛ. ΚΑΤΙΜΟΡΗΣ
